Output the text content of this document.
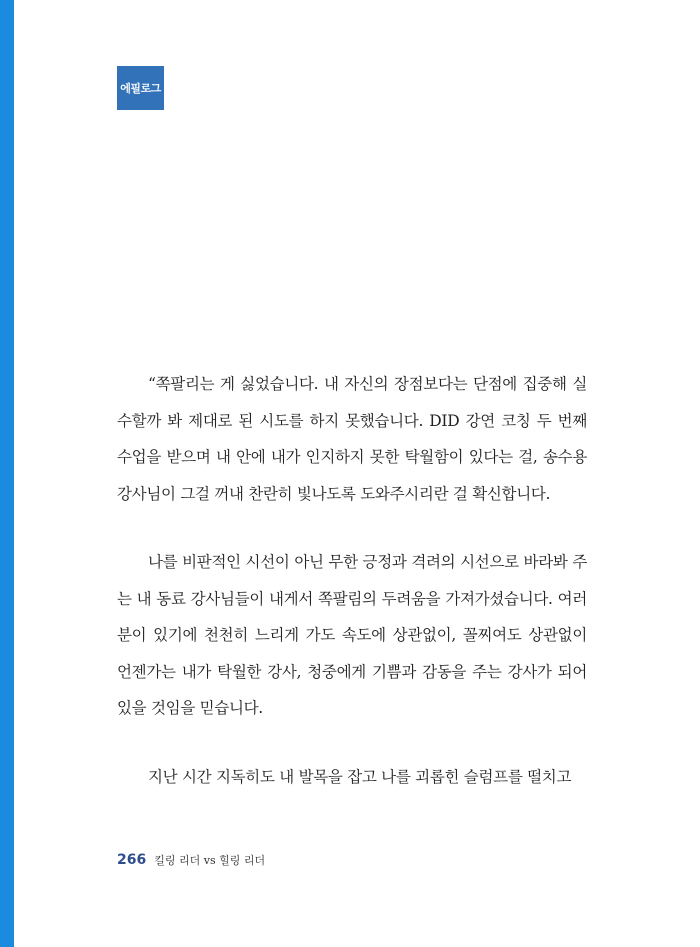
에필로그

“쪽팔리는 게 싫었습니다. 내 자신의 장점보다는 단점에 집중해 실수할까 봐 제대로 된 시도를 하지 못했습니다. DID 강연 코칭 두 번째 수업을 받으며 내 안에 내가 인지하지 못한 탁월함이 있다는 걸, 송수용 강사님이 그걸 꺼내 찬란히 빛나도록 도와주시리란 걸 확신합니다.

나를 비판적인 시선이 아닌 무한 긍정과 격려의 시선으로 바라봐 주는 내 동료 강사님들이 내게서 쪽팔림의 두려움을 가져가셨습니다. 여러분이 있기에 천천히 느리게 가도 속도에 상관없이, 꼴찌여도 상관없이 언젠가는 내가 탁월한 강사, 청중에게 기쁨과 감동을 주는 강사가 되어 있을 것임을 믿습니다.

지난 시간 지독히도 내 발목을 잡고 나를 괴롭힌 슬럼프를 떨치고

266 킬링 리더 vs 힐링 리더
